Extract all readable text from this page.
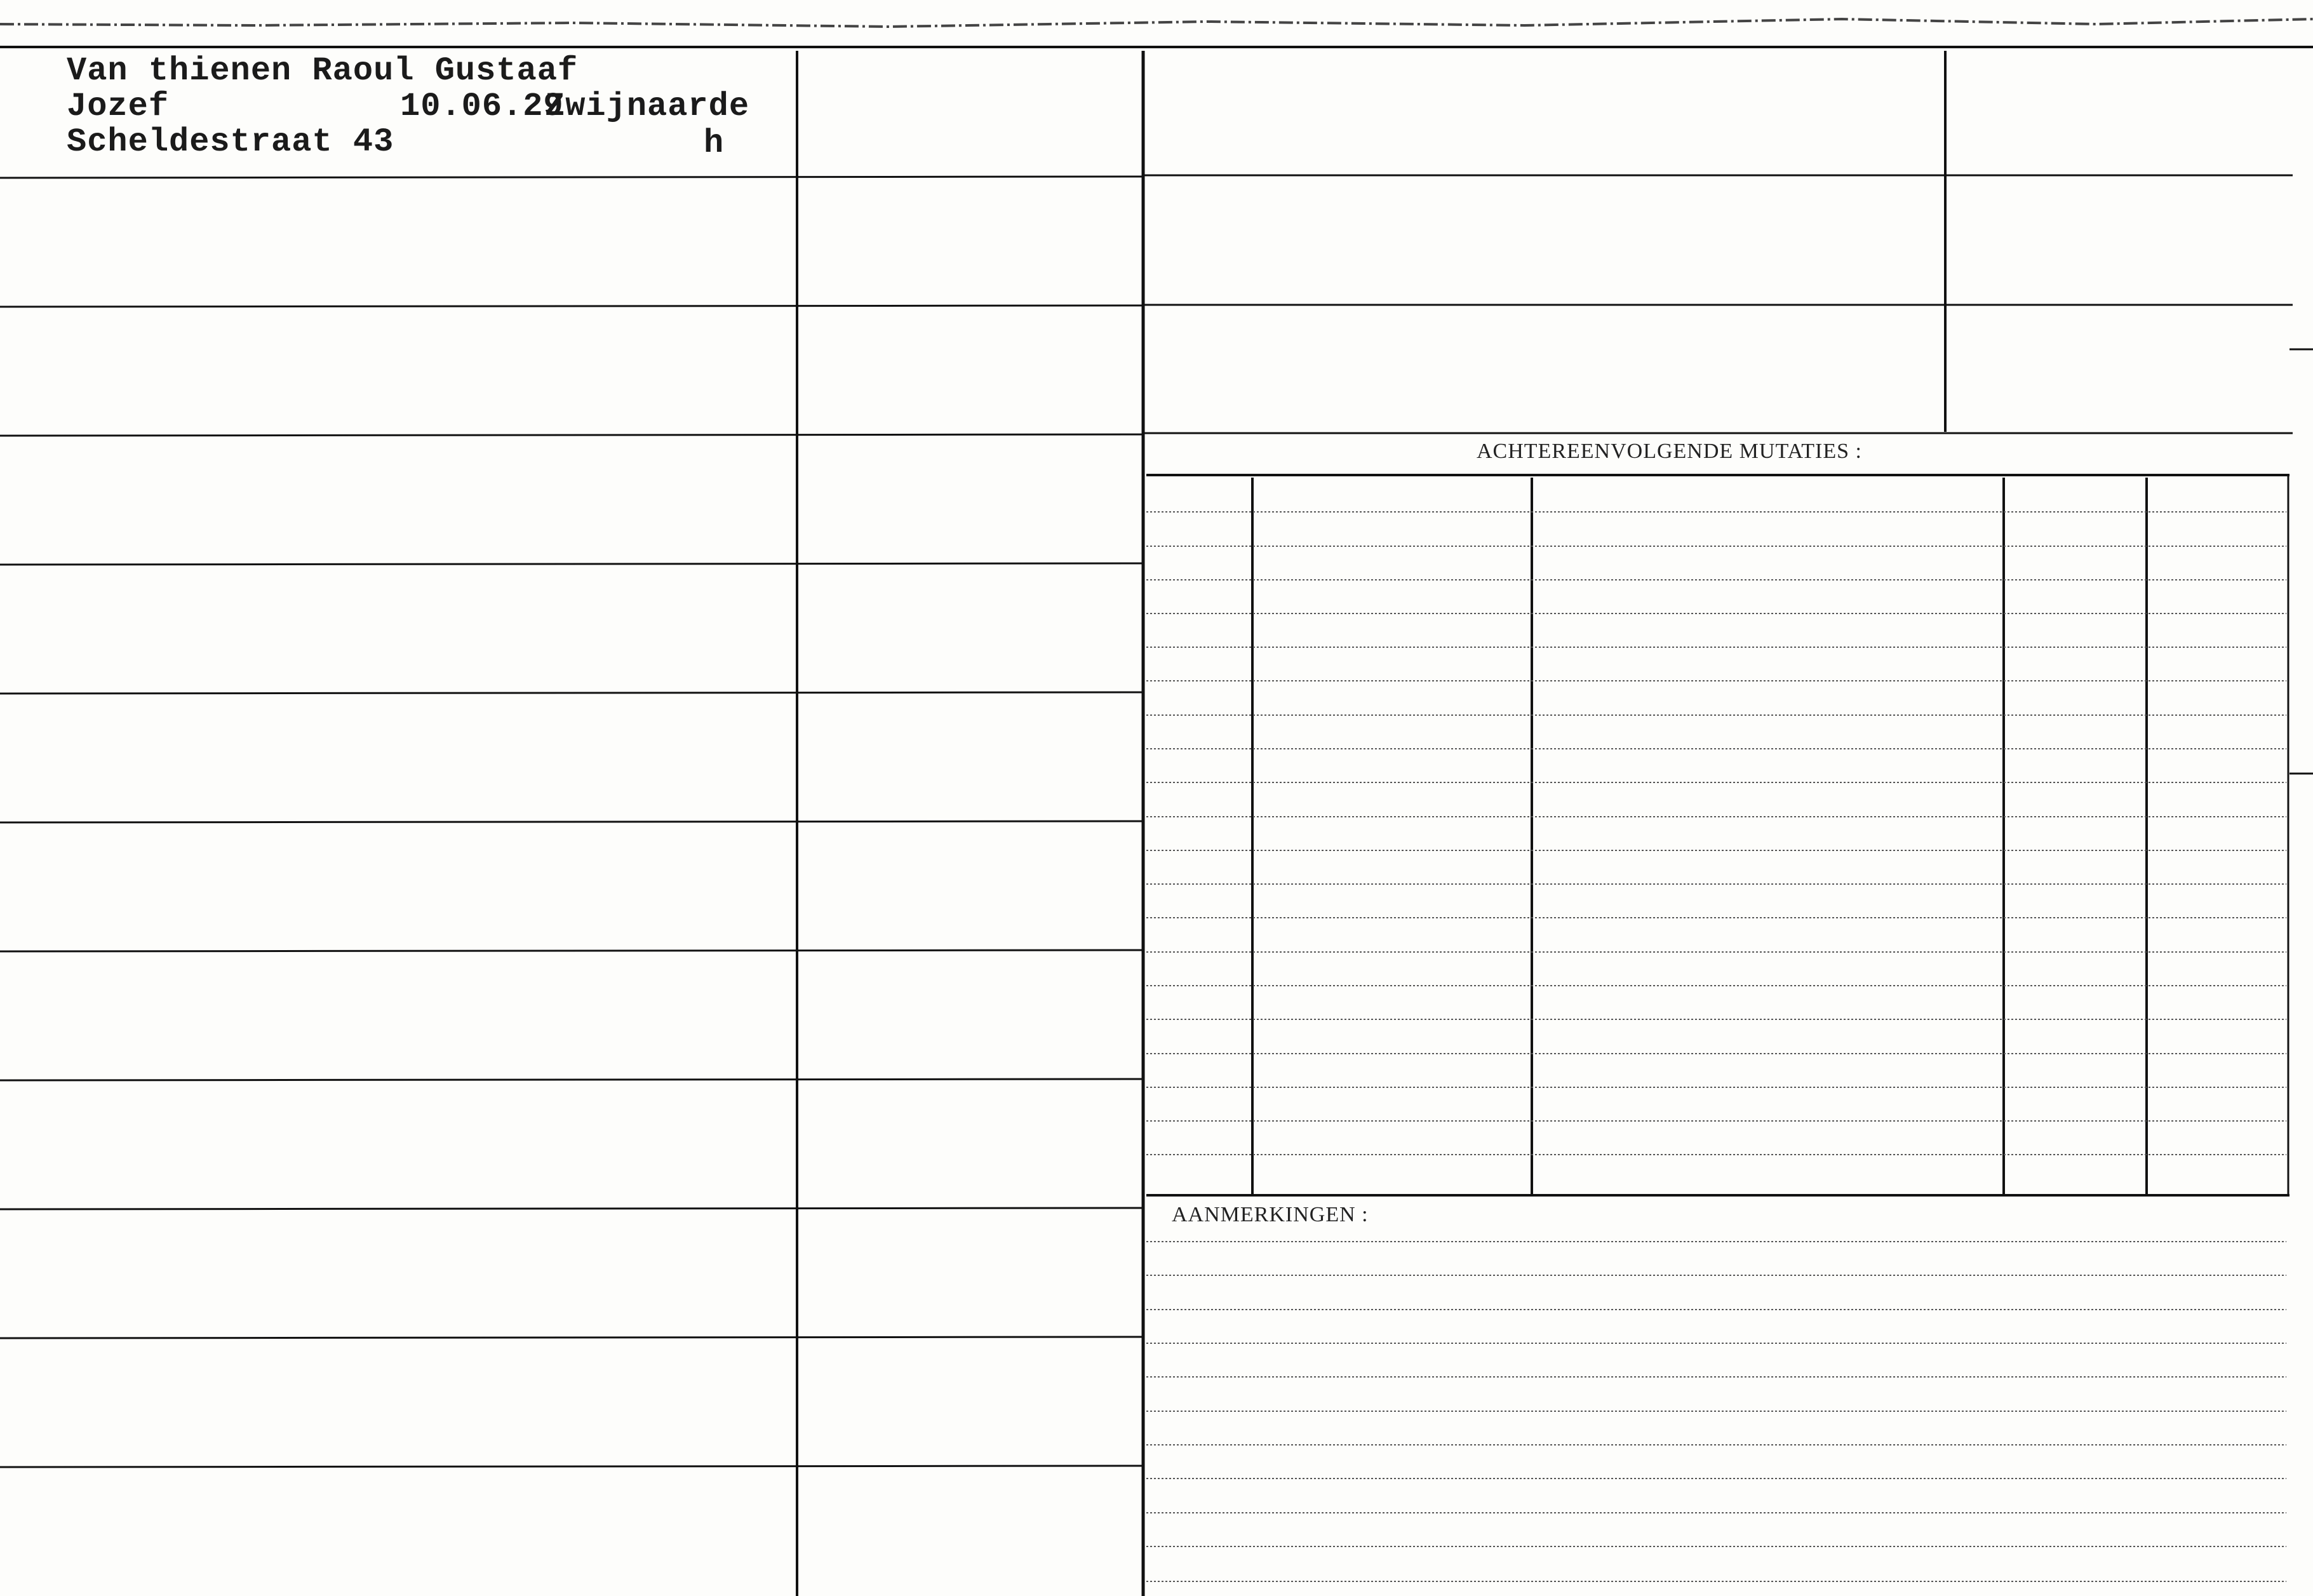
Van thienen Raoul Gustaaf

Jozef	10.06.29

Zwijnaarde

Scheldestraat 43	h

ACHTEREENVOLGENDE MUTATIES :

AANMERKINGEN :
